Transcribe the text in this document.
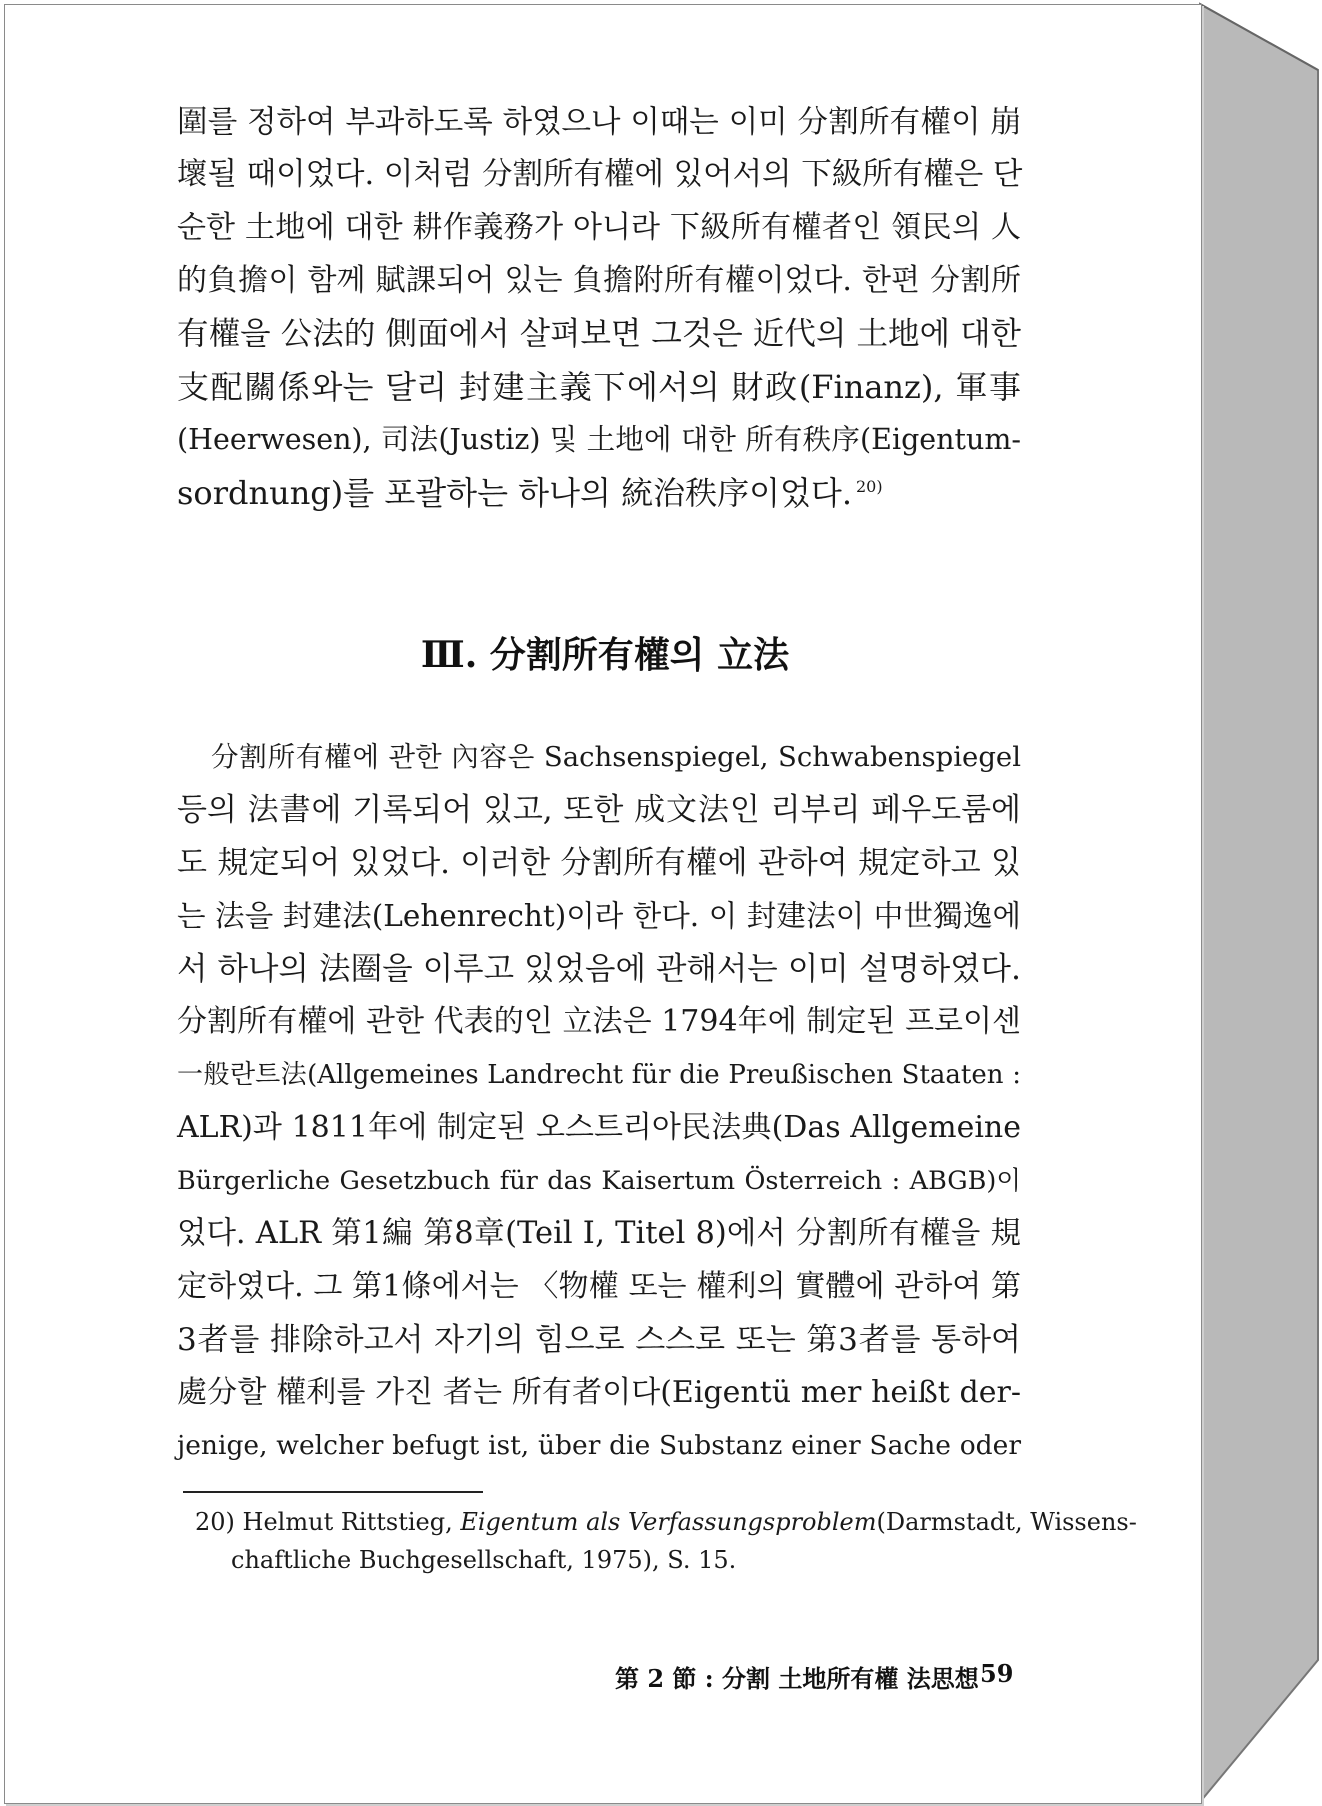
圍를 정하여 부과하도록 하였으나 이때는 이미 分割所有權이 崩
壞될 때이었다. 이처럼 分割所有權에 있어서의 下級所有權은 단
순한 土地에 대한 耕作義務가 아니라 下級所有權者인 領民의 人
的負擔이 함께 賦課되어 있는 負擔附所有權이었다. 한편 分割所
有權을 公法的 側面에서 살펴보면 그것은 近代의 土地에 대한
支配關係와는 달리 封建主義下에서의 財政(Finanz), 軍事
(Heerwesen), 司法(Justiz) 및 土地에 대한 所有秩序(Eigentum-
sordnung)를 포괄하는 하나의 統治秩序이었다. $^{20)}$
Ⅲ. 分割所有權의 立法
分割所有權에 관한 內容은 Sachsenspiegel, Schwabenspiegel
등의 法書에 기록되어 있고, 또한 成文法인 리부리 페우도룸에
도 規定되어 있었다. 이러한 分割所有權에 관하여 規定하고 있
는 法을 封建法(Lehenrecht)이라 한다. 이 封建法이 中世獨逸에
서 하나의 法圈을 이루고 있었음에 관해서는 이미 설명하였다.
分割所有權에 관한 代表的인 立法은 1794年에 制定된 프로이센
一般란트法(Allgemeines Landrecht für die Preußischen Staaten :
ALR)과 1811年에 制定된 오스트리아民法典(Das Allgemeine
Bürgerliche Gesetzbuch für das Kaisertum Österreich : ABGB)이
었다. ALR 第1編 第8章(Teil Ⅰ, Titel 8)에서 分割所有權을 規
定하였다. 그 第1條에서는 〈物權 또는 權利의 實體에 관하여 第
3者를 排除하고서 자기의 힘으로 스스로 또는 第3者를 통하여
處分할 權利를 가진 者는 所有者이다(Eigentü mer heißt der-
jenige, welcher befugt ist, über die Substanz einer Sache oder
20) Helmut Rittstieg, Eigentum als Verfassungsproblem(Darmstadt, Wissens-
chaftliche Buchgesellschaft, 1975), S. 15.
第 2 節 : 分割 土地所有權 法思想 59
